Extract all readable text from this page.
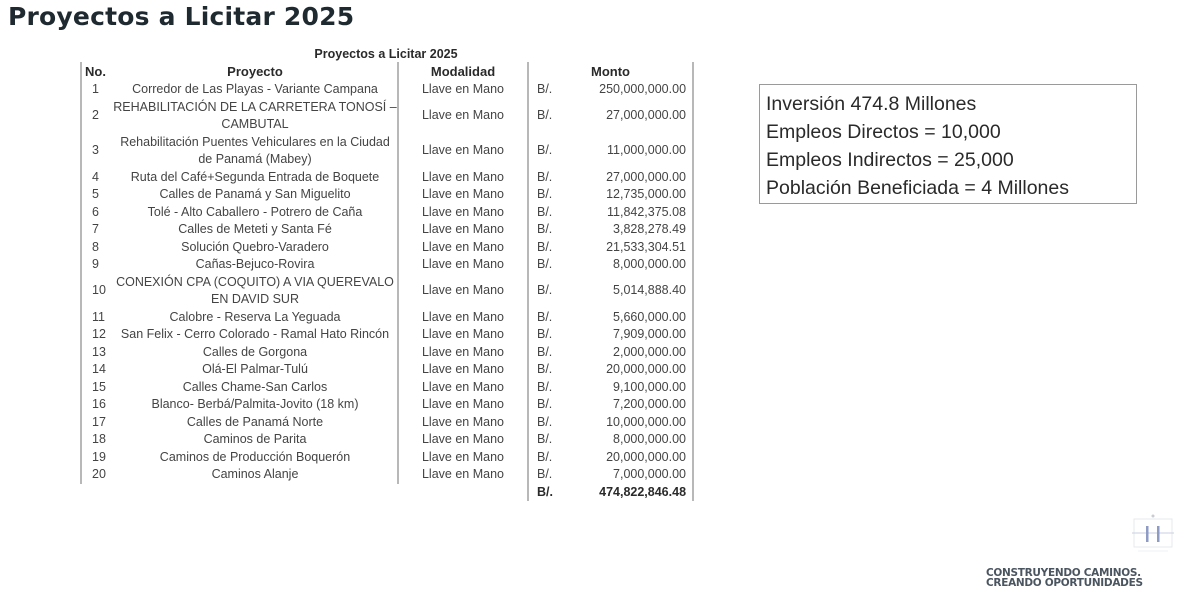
Proyectos a Licitar 2025
Proyectos a Licitar 2025
No.	Proyecto	Modalidad	Monto	
1	Corredor de Las Playas - Variante Campana	Llave en Mano	B/.	250,000,000.00
2	REHABILITACIÓN DE LA CARRETERA TONOSÍ – CAMBUTAL	Llave en Mano	B/.	27,000,000.00
3	Rehabilitación Puentes Vehiculares en la Ciudad de Panamá (Mabey)	Llave en Mano	B/.	11,000,000.00
4	Ruta del Café+Segunda Entrada de Boquete	Llave en Mano	B/.	27,000,000.00
5	Calles de Panamá y San Miguelito	Llave en Mano	B/.	12,735,000.00
6	Tolé - Alto Caballero - Potrero de Caña	Llave en Mano	B/.	11,842,375.08
7	Calles de Meteti y Santa Fé	Llave en Mano	B/.	3,828,278.49
8	Solución Quebro-Varadero	Llave en Mano	B/.	21,533,304.51
9	Cañas-Bejuco-Rovira	Llave en Mano	B/.	8,000,000.00
10	CONEXIÓN CPA (COQUITO) A VIA QUEREVALO EN DAVID SUR	Llave en Mano	B/.	5,014,888.40
11	Calobre - Reserva La Yeguada	Llave en Mano	B/.	5,660,000.00
12	San Felix - Cerro Colorado - Ramal Hato Rincón	Llave en Mano	B/.	7,909,000.00
13	Calles de Gorgona	Llave en Mano	B/.	2,000,000.00
14	Olá-El Palmar-Tulú	Llave en Mano	B/.	20,000,000.00
15	Calles Chame-San Carlos	Llave en Mano	B/.	9,100,000.00
16	Blanco- Berbá/Palmita-Jovito (18 km)	Llave en Mano	B/.	7,200,000.00
17	Calles de Panamá Norte	Llave en Mano	B/.	10,000,000.00
18	Caminos de Parita	Llave en Mano	B/.	8,000,000.00
19	Caminos de Producción Boquerón	Llave en Mano	B/.	20,000,000.00
20	Caminos Alanje	Llave en Mano	B/.	7,000,000.00
			B/.	474,822,846.48
Inversión 474.8 Millones
Empleos Directos = 10,000
Empleos Indirectos = 25,000
Población Beneficiada = 4 Millones
CONSTRUYENDO CAMINOS.
CREANDO OPORTUNIDADES
